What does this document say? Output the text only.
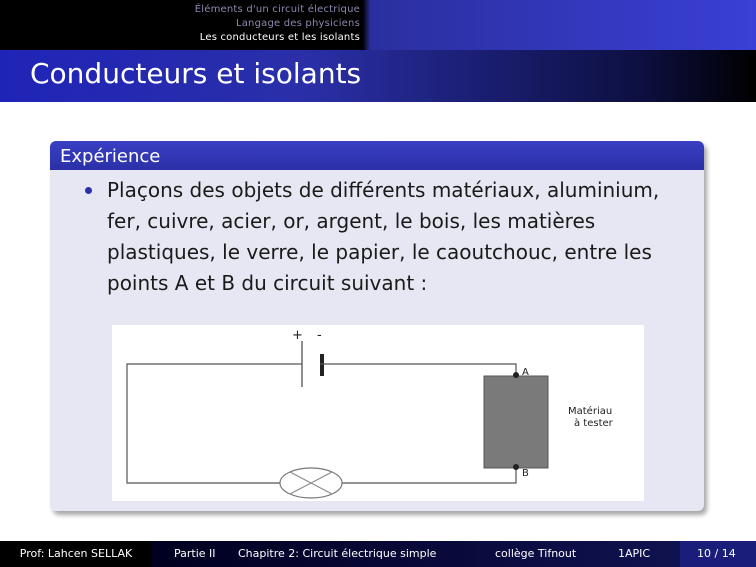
Éléments d'un circuit électrique
Langage des physiciens
Les conducteurs et les isolants
Conducteurs et isolants
Expérience
Plaçons des objets de différents matériaux, aluminium, fer, cuivre, acier, or, argent, le bois, les matières plastiques, le verre, le papier, le caoutchouc, entre les points A et B du circuit suivant :
+ -
A
B
Matériau
à tester
Prof: Lahcen SELLAK	Partie II Chapitre 2: Circuit électrique simple	collège Tifnout	1APIC	10 / 14
